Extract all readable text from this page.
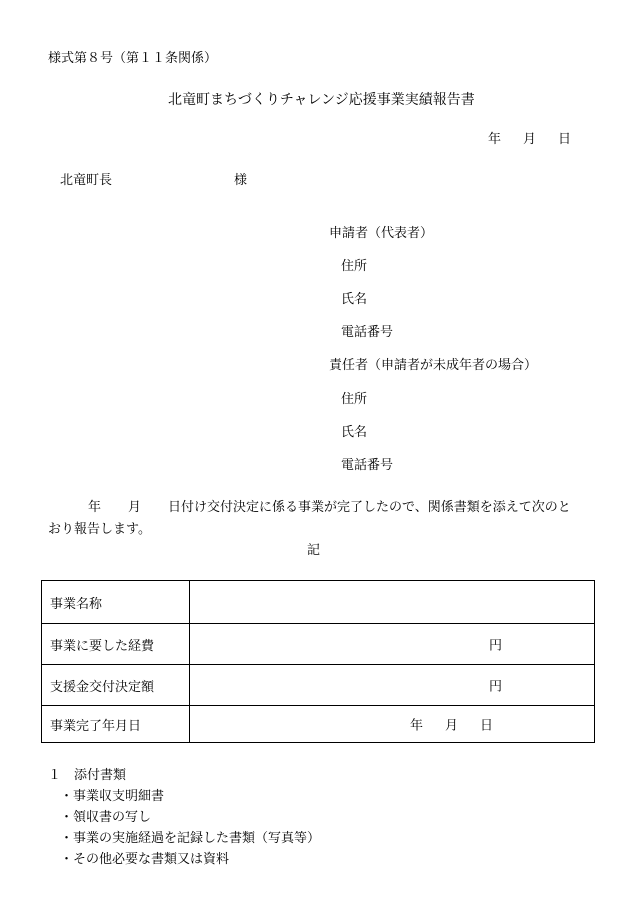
様式第８号（第１１条関係）
北竜町まちづくりチャレンジ応援事業実績報告書
年 月 日
北竜町長	様
申請者（代表者）
住所
氏名
電話番号
責任者（申請者が未成年者の場合）
住所
氏名
電話番号
年 月 日付け交付決定に係る事業が完了したので、関係書類を添えて次のと
おり報告します。
記
事業名称	
事業に要した経費	円

支援金交付決定額	円

事業完了年月日	年 月 日
１　添付書類
・事業収支明細書
・領収書の写し
・事業の実施経過を記録した書類（写真等）
・その他必要な書類又は資料
